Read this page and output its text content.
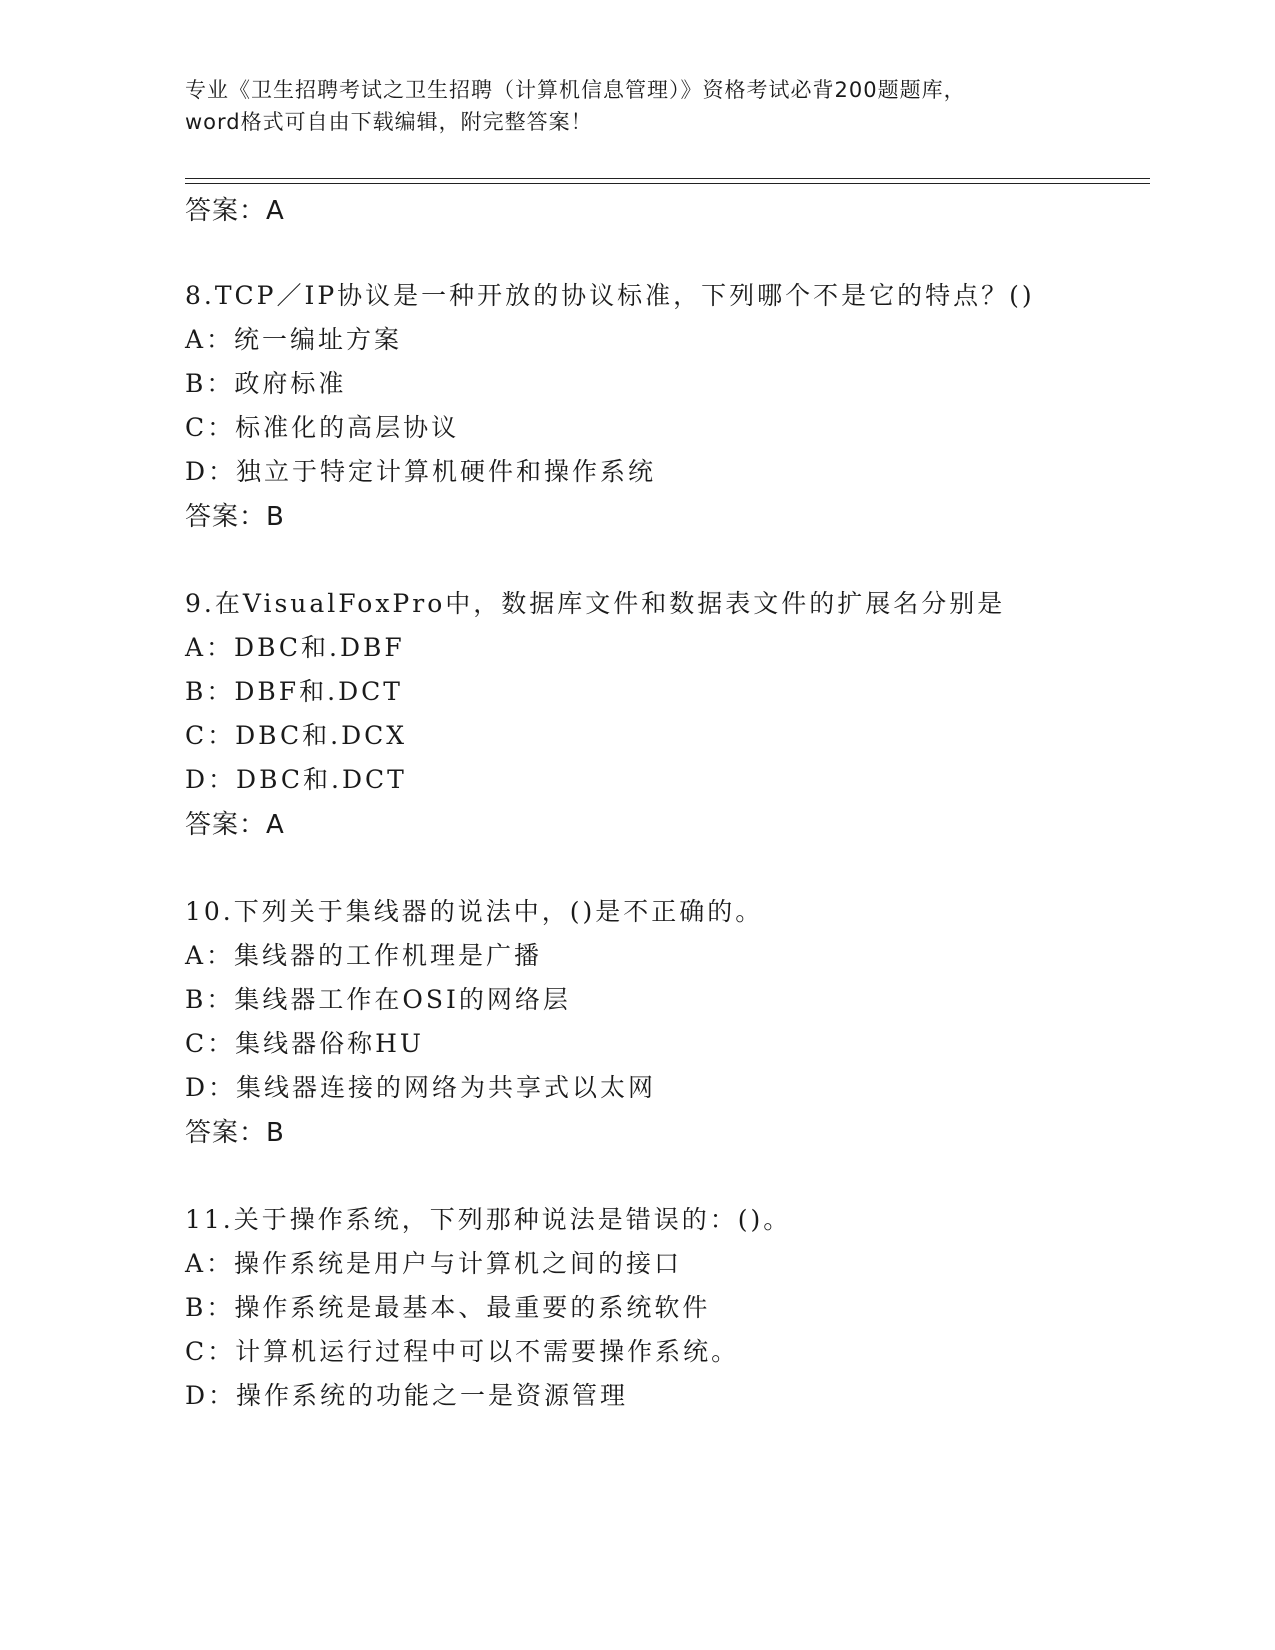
专业《卫生招聘考试之卫生招聘（计算机信息管理）》资格考试必背200题题库，
word格式可自由下载编辑，附完整答案！
答案：A
8.TCP／IP协议是一种开放的协议标准，下列哪个不是它的特点？()
A：统一编址方案
B：政府标准
C：标准化的高层协议
D：独立于特定计算机硬件和操作系统
答案：B
9.在VisualFoxPro中，数据库文件和数据表文件的扩展名分别是
A：DBC和.DBF
B：DBF和.DCT
C：DBC和.DCX
D：DBC和.DCT
答案：A
10.下列关于集线器的说法中，()是不正确的。
A：集线器的工作机理是广播
B：集线器工作在OSI的网络层
C：集线器俗称HU
D：集线器连接的网络为共享式以太网
答案：B
11.关于操作系统，下列那种说法是错误的：()。
A：操作系统是用户与计算机之间的接口
B：操作系统是最基本、最重要的系统软件
C：计算机运行过程中可以不需要操作系统。
D：操作系统的功能之一是资源管理
